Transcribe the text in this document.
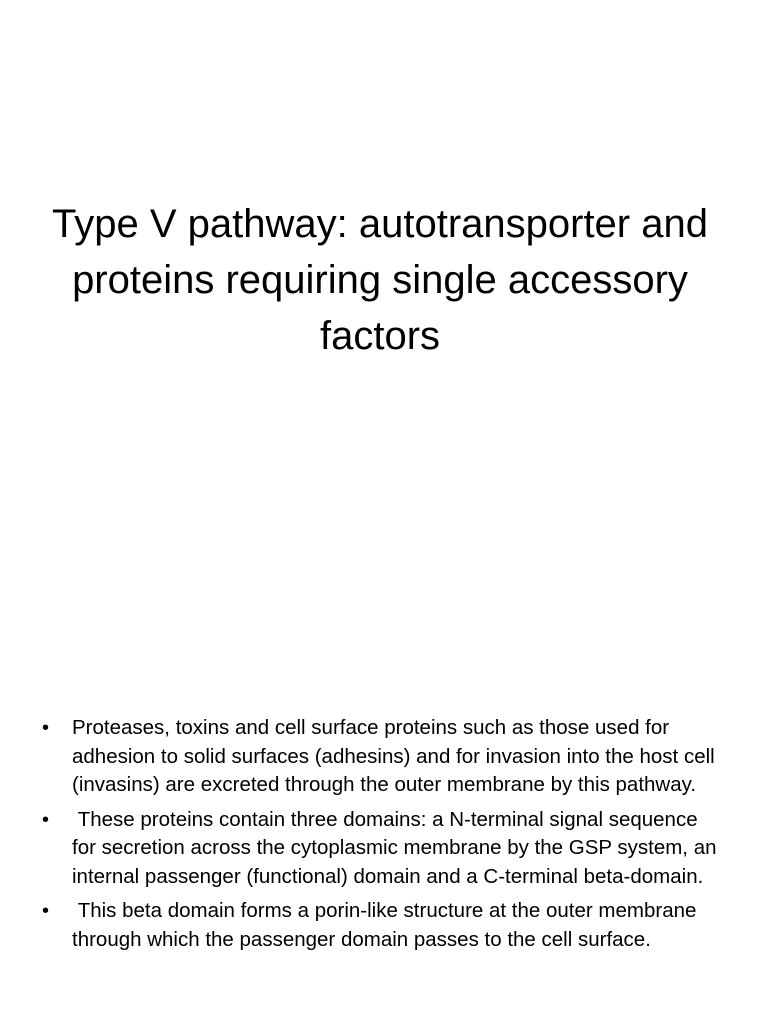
Type V pathway: autotransporter and proteins requiring single accessory factors
• Proteases, toxins and cell surface proteins such as those used for adhesion to solid surfaces (adhesins) and for invasion into the host cell (invasins) are excreted through the outer membrane by this pathway.
• These proteins contain three domains: a N-terminal signal sequence for secretion across the cytoplasmic membrane by the GSP system, an internal passenger (functional) domain and a C-terminal beta-domain.
• This beta domain forms a porin-like structure at the outer membrane through which the passenger domain passes to the cell surface.
